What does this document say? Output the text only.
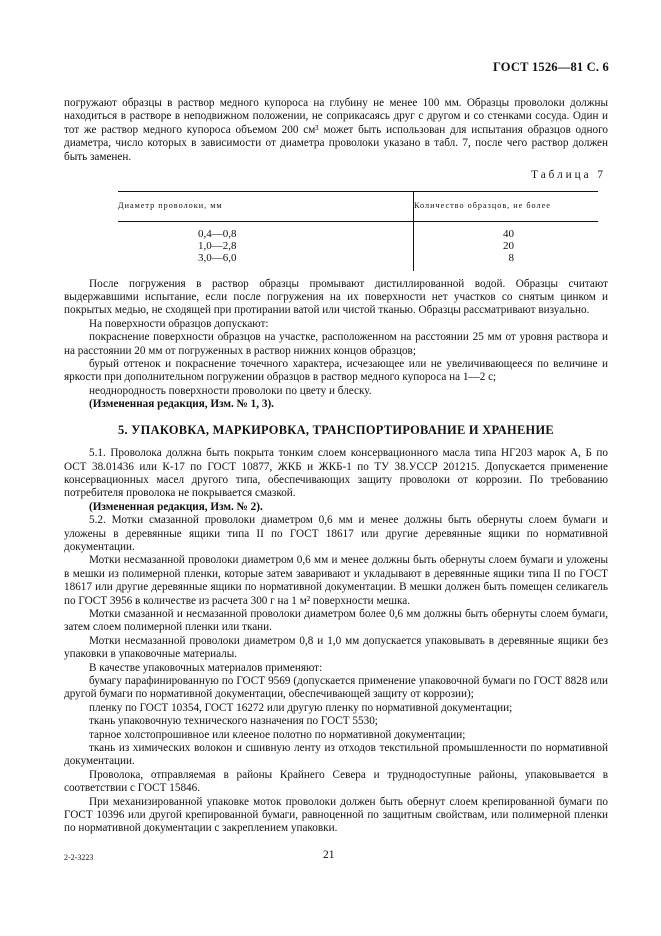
ГОСТ 1526—81 С. 6

погружают образцы в раствор медного купороса на глубину не менее 100 мм. Образцы проволоки должны находиться в растворе в неподвижном положении, не соприкасаясь друг с другом и со стенками сосуда. Один и тот же раствор медного купороса объемом 200 см³ может быть использован для испытания образцов одного диаметра, число которых в зависимости от диаметра проволоки указано в табл. 7, после чего раствор должен быть заменен.

Таблица 7
Диаметр проволоки, мм	Количество образцов, не более
0,4—0,8	40
1,0—2,8	20
3,0—6,0	8

После погружения в раствор образцы промывают дистиллированной водой. Образцы считают выдержавшими испытание, если после погружения на их поверхности нет участков со снятым цинком и покрытых медью, не сходящей при протирании ватой или чистой тканью. Образцы рассматривают визуально.

На поверхности образцов допускают:

покраснение поверхности образцов на участке, расположенном на расстоянии 25 мм от уровня раствора и на расстоянии 20 мм от погруженных в раствор нижних концов образцов;

бурый оттенок и покраснение точечного характера, исчезающее или не увеличивающееся по величине и яркости при дополнительном погружении образцов в раствор медного купороса на 1—2 с;

неоднородность поверхности проволоки по цвету и блеску.

(Измененная редакция, Изм. № 1, 3).

5. УПАКОВКА, МАРКИРОВКА, ТРАНСПОРТИРОВАНИЕ И ХРАНЕНИЕ

5.1. Проволока должна быть покрыта тонким слоем консервационного масла типа НГ203 марок А, Б по ОСТ 38.01436 или К-17 по ГОСТ 10877, ЖКБ и ЖКБ-1 по ТУ 38.УССР 201215. Допускается применение консервационных масел другого типа, обеспечивающих защиту проволоки от коррозии. По требованию потребителя проволока не покрывается смазкой.

(Измененная редакция, Изм. № 2).

5.2. Мотки смазанной проволоки диаметром 0,6 мм и менее должны быть обернуты слоем бумаги и уложены в деревянные ящики типа II по ГОСТ 18617 или другие деревянные ящики по нормативной документации.

Мотки несмазанной проволоки диаметром 0,6 мм и менее должны быть обернуты слоем бумаги и уложены в мешки из полимерной пленки, которые затем заваривают и укладывают в деревянные ящики типа II по ГОСТ 18617 или другие деревянные ящики по нормативной документации. В мешки должен быть помещен селикагель по ГОСТ 3956 в количестве из расчета 300 г на 1 м² поверхности мешка.

Мотки смазанной и несмазанной проволоки диаметром более 0,6 мм должны быть обернуты слоем бумаги, затем слоем полимерной пленки или ткани.

Мотки несмазанной проволоки диаметром 0,8 и 1,0 мм допускается упаковывать в деревянные ящики без упаковки в упаковочные материалы.

В качестве упаковочных материалов применяют:

бумагу парафинированную по ГОСТ 9569 (допускается применение упаковочной бумаги по ГОСТ 8828 или другой бумаги по нормативной документации, обеспечивающей защиту от коррозии);

пленку по ГОСТ 10354, ГОСТ 16272 или другую пленку по нормативной документации;

ткань упаковочную технического назначения по ГОСТ 5530;

тарное холстопрошивное или клееное полотно по нормативной документации;

ткань из химических волокон и сшивную ленту из отходов текстильной промышленности по нормативной документации.

Проволока, отправляемая в районы Крайнего Севера и труднодоступные районы, упаковывается в соответствии с ГОСТ 15846.

При механизированной упаковке моток проволоки должен быть обернут слоем крепированной бумаги по ГОСТ 10396 или другой крепированной бумаги, равноценной по защитным свойствам, или полимерной пленки по нормативной документации с закреплением упаковки.

2-2-3223	21
